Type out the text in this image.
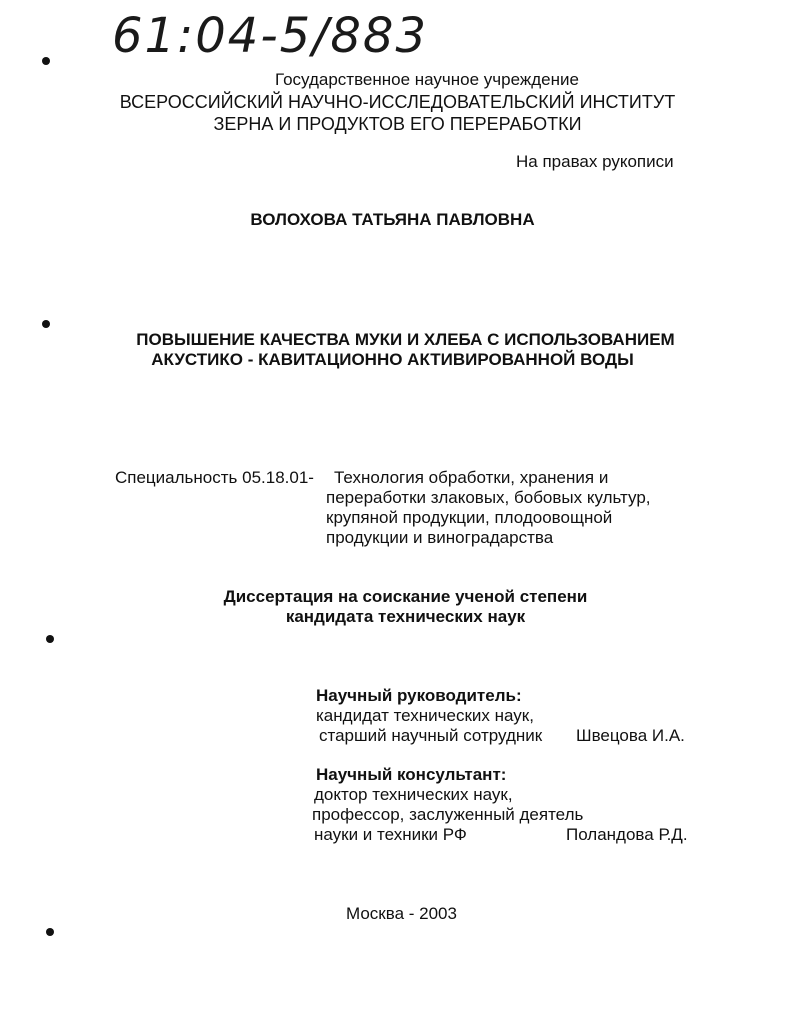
61:04-5/883
Государственное научное учреждение
ВСЕРОССИЙСКИЙ НАУЧНО-ИССЛЕДОВАТЕЛЬСКИЙ ИНСТИТУТ
ЗЕРНА И ПРОДУКТОВ ЕГО ПЕРЕРАБОТКИ
На правах рукописи
ВОЛОХОВА ТАТЬЯНА ПАВЛОВНА
ПОВЫШЕНИЕ КАЧЕСТВА МУКИ И ХЛЕБА С ИСПОЛЬЗОВАНИЕМ
АКУСТИКО - КАВИТАЦИОННО АКТИВИРОВАННОЙ ВОДЫ
Специальность 05.18.01- Технология обработки, хранения и
переработки злаковых, бобовых культур,
крупяной продукции, плодоовощной
продукции и виноградарства
Диссертация на соискание ученой степени
кандидата технических наук
Научный руководитель:
кандидат технических наук,
старший научный сотрудник Швецова И.А.
Научный консультант:
доктор технических наук,
профессор, заслуженный деятель
науки и техники РФ	Поландова Р.Д.
Москва - 2003
